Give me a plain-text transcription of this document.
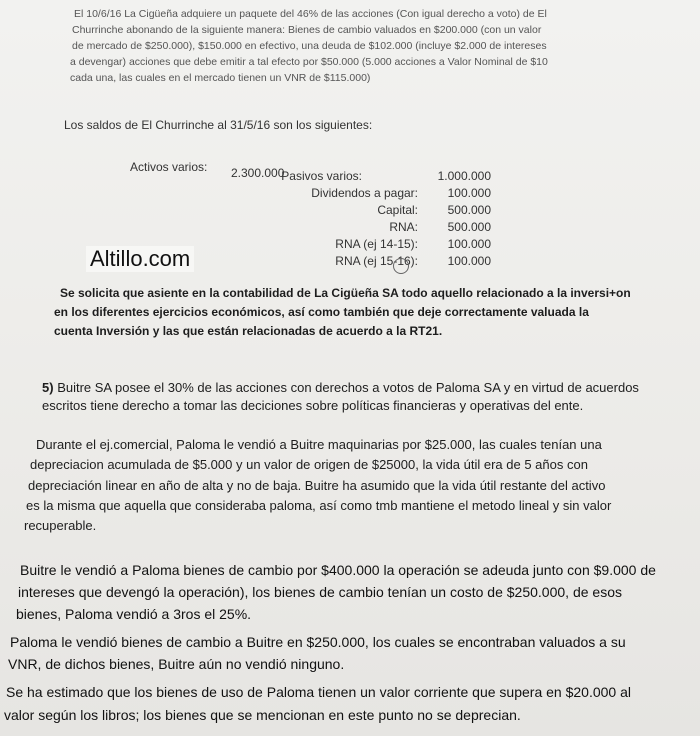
El 10/6/16 La Cigüeña adquiere un paquete del 46% de las acciones (Con igual derecho a voto) de El
Churrinche abonando de la siguiente manera: Bienes de cambio valuados en $200.000 (con un valor
de mercado de $250.000), $150.000 en efectivo, una deuda de $102.000 (incluye $2.000 de intereses
a devengar) acciones que debe emitir a tal efecto por $50.000 (5.000 acciones a Valor Nominal de $10
cada una, las cuales en el mercado tienen un VNR de $115.000)
Los saldos de El Churrinche al 31/5/16 son los siguientes:
Activos varios: 2.300.000
Pasivos varios:	1.000.000
Dividendos a pagar:	100.000
Capital:	500.000
RNA:	500.000
RNA (ej 14-15):	100.000
RNA (ej 15-16):	100.000
Altillo.com
Se solicita que asiente en la contabilidad de La Cigüeña SA todo aquello relacionado a la inversi+on
en los diferentes ejercicios económicos, así como también que deje correctamente valuada la
cuenta Inversión y las que están relacionadas de acuerdo a la RT21.
5) Buitre SA posee el 30% de las acciones con derechos a votos de Paloma SA y en virtud de acuerdos
escritos tiene derecho a tomar las deciciones sobre políticas financieras y operativas del ente.
Durante el ej.comercial, Paloma le vendió a Buitre maquinarias por $25.000, las cuales tenían una
depreciacion acumulada de $5.000 y un valor de origen de $25000, la vida útil era de 5 años con
depreciación linear en año de alta y no de baja. Buitre ha asumido que la vida útil restante del activo
es la misma que aquella que consideraba paloma, así como tmb mantiene el metodo lineal y sin valor
recuperable.
Buitre le vendió a Paloma bienes de cambio por $400.000 la operación se adeuda junto con $9.000 de
intereses que devengó la operación), los bienes de cambio tenían un costo de $250.000, de esos
bienes, Paloma vendió a 3ros el 25%.
Paloma le vendió bienes de cambio a Buitre en $250.000, los cuales se encontraban valuados a su
VNR, de dichos bienes, Buitre aún no vendió ninguno.
Se ha estimado que los bienes de uso de Paloma tienen un valor corriente que supera en $20.000 al
valor según los libros; los bienes que se mencionan en este punto no se deprecian.
